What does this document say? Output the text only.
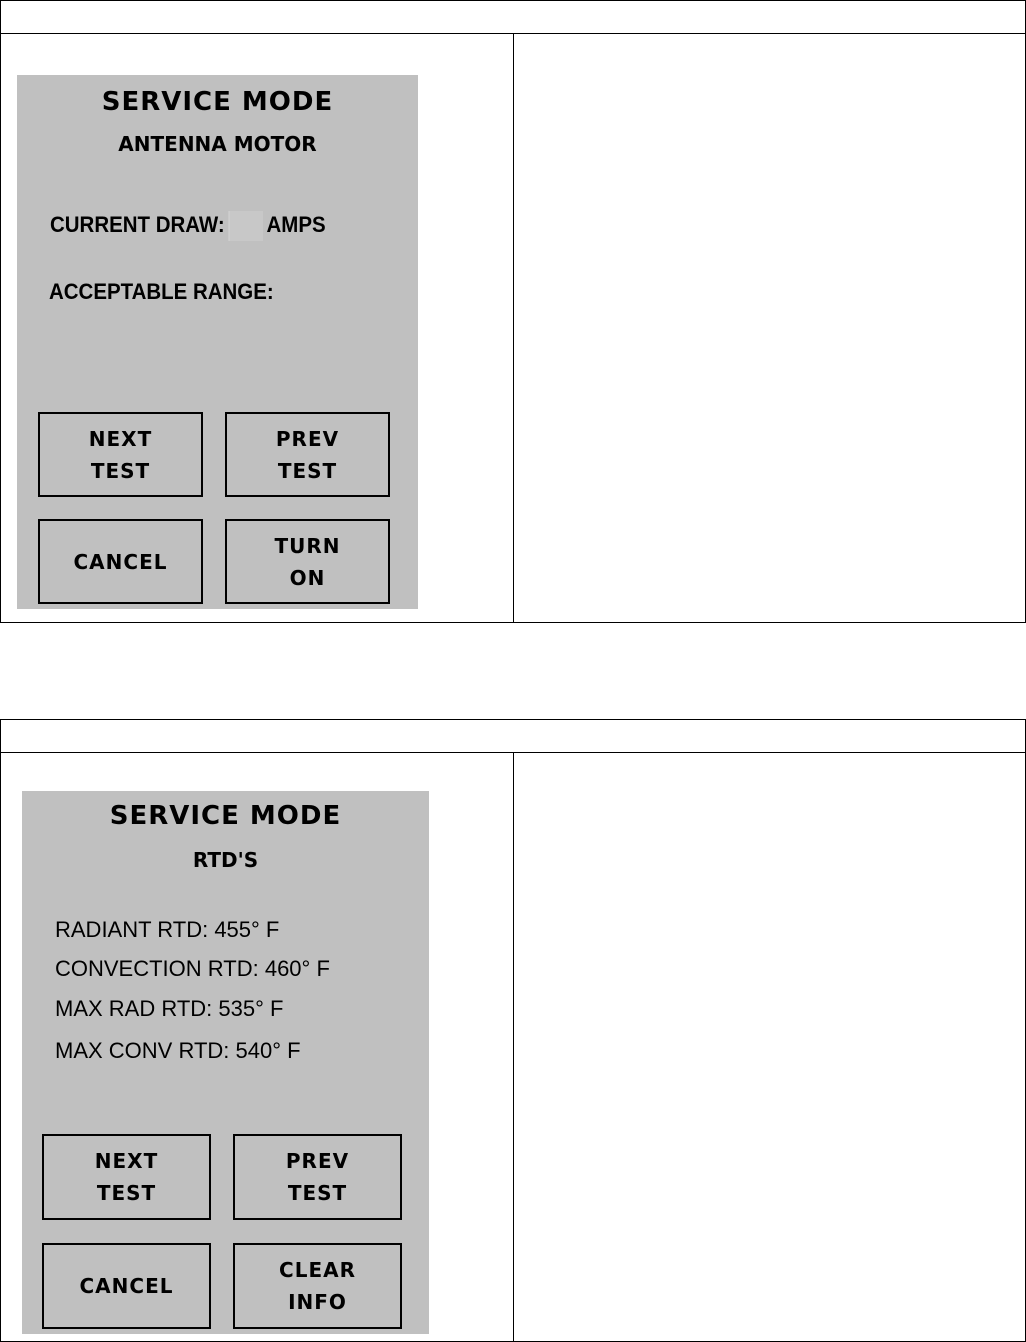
SERVICE MODE
ANTENNA MOTOR
CURRENT DRAW: AMPS
ACCEPTABLE RANGE:
NEXT
TEST
PREV
TEST
CANCEL
TURN
ON

SERVICE MODE
RTD'S
RADIANT RTD: 455° F
CONVECTION RTD: 460° F
MAX RAD RTD: 535° F
MAX CONV RTD: 540° F
NEXT
TEST
PREV
TEST
CANCEL
CLEAR
INFO
